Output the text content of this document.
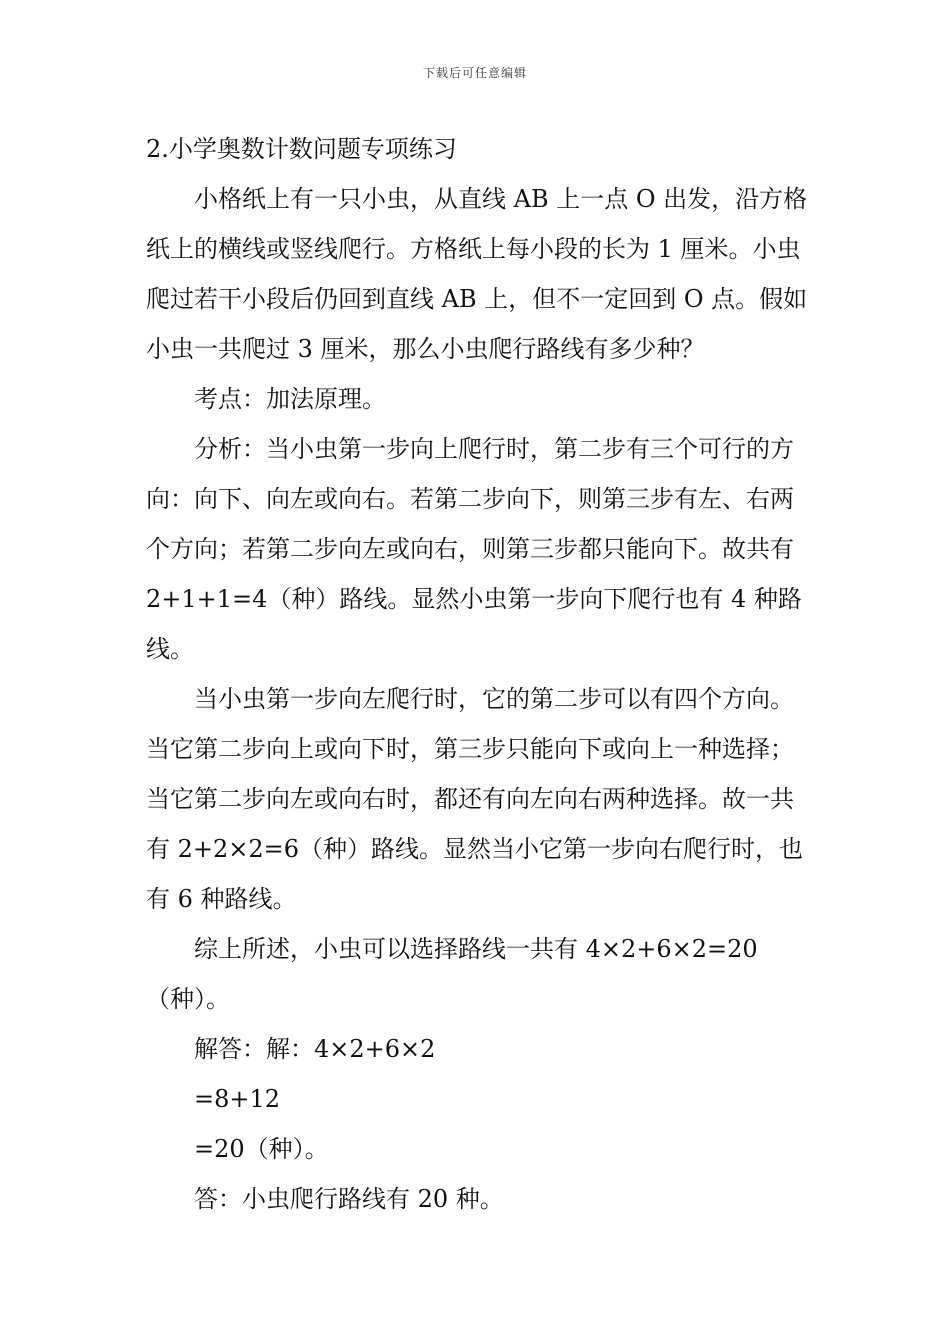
下载后可任意编辑

2.小学奥数计数问题专项练习

小格纸上有一只小虫，从直线 AB 上一点 O 出发，沿方格纸上的横线或竖线爬行。方格纸上每小段的长为 1 厘米。小虫爬过若干小段后仍回到直线 AB 上，但不一定回到 O 点。假如小虫一共爬过 3 厘米，那么小虫爬行路线有多少种？

考点：加法原理。

分析：当小虫第一步向上爬行时，第二步有三个可行的方向：向下、向左或向右。若第二步向下，则第三步有左、右两个方向；若第二步向左或向右，则第三步都只能向下。故共有 2+1+1=4（种）路线。显然小虫第一步向下爬行也有 4 种路线。

当小虫第一步向左爬行时，它的第二步可以有四个方向。当它第二步向上或向下时，第三步只能向下或向上一种选择；当它第二步向左或向右时，都还有向左向右两种选择。故一共有 2+2×2=6（种）路线。显然当小它第一步向右爬行时，也有 6 种路线。

综上所述，小虫可以选择路线一共有 4×2+6×2=20（种）。

解答：解：4×2+6×2

=8+12

=20（种）。

答：小虫爬行路线有 20 种。
